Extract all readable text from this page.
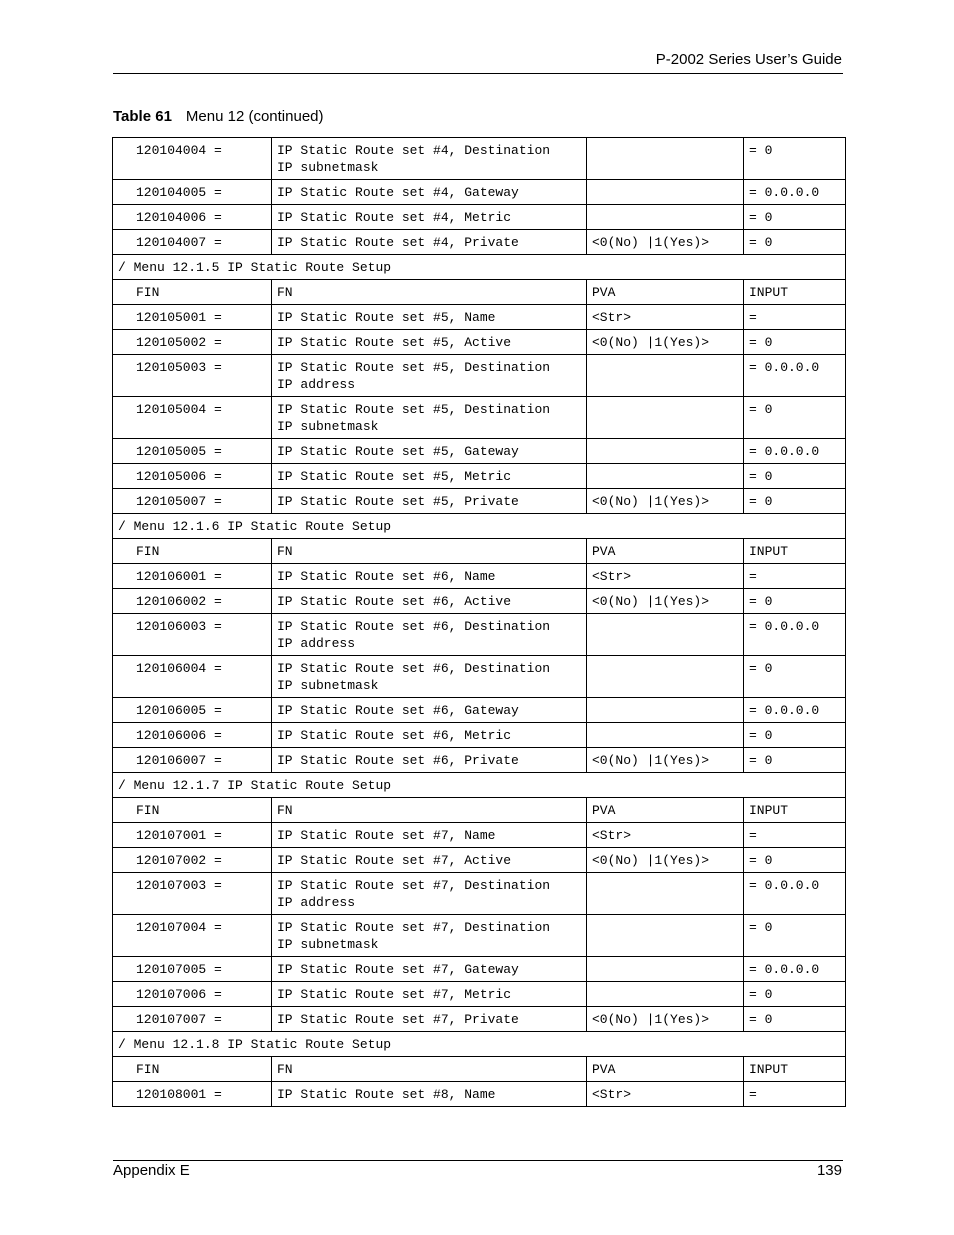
P-2002 Series User’s Guide
Table 61 Menu 12 (continued)
120104004 =	IP Static Route set #4, Destination
IP subnetmask		= 0
120104005 =	IP Static Route set #4, Gateway		= 0.0.0.0
120104006 =	IP Static Route set #4, Metric		= 0
120104007 =	IP Static Route set #4, Private	<0(No) |1(Yes)>	= 0
/ Menu 12.1.5 IP Static Route Setup			
FIN	FN	PVA	INPUT
120105001 =	IP Static Route set #5, Name	<Str>	=
120105002 =	IP Static Route set #5, Active	<0(No) |1(Yes)>	= 0
120105003 =	IP Static Route set #5, Destination
IP address		= 0.0.0.0
120105004 =	IP Static Route set #5, Destination
IP subnetmask		= 0
120105005 =	IP Static Route set #5, Gateway		= 0.0.0.0
120105006 =	IP Static Route set #5, Metric		= 0
120105007 =	IP Static Route set #5, Private	<0(No) |1(Yes)>	= 0
/ Menu 12.1.6 IP Static Route Setup			
FIN	FN	PVA	INPUT
120106001 =	IP Static Route set #6, Name	<Str>	=
120106002 =	IP Static Route set #6, Active	<0(No) |1(Yes)>	= 0
120106003 =	IP Static Route set #6, Destination
IP address		= 0.0.0.0
120106004 =	IP Static Route set #6, Destination
IP subnetmask		= 0
120106005 =	IP Static Route set #6, Gateway		= 0.0.0.0
120106006 =	IP Static Route set #6, Metric		= 0
120106007 =	IP Static Route set #6, Private	<0(No) |1(Yes)>	= 0
/ Menu 12.1.7 IP Static Route Setup			
FIN	FN	PVA	INPUT
120107001 =	IP Static Route set #7, Name	<Str>	=
120107002 =	IP Static Route set #7, Active	<0(No) |1(Yes)>	= 0
120107003 =	IP Static Route set #7, Destination
IP address		= 0.0.0.0
120107004 =	IP Static Route set #7, Destination
IP subnetmask		= 0
120107005 =	IP Static Route set #7, Gateway		= 0.0.0.0
120107006 =	IP Static Route set #7, Metric		= 0
120107007 =	IP Static Route set #7, Private	<0(No) |1(Yes)>	= 0
/ Menu 12.1.8 IP Static Route Setup			
FIN	FN	PVA	INPUT
120108001 =	IP Static Route set #8, Name	<Str>	=
Appendix E	139
